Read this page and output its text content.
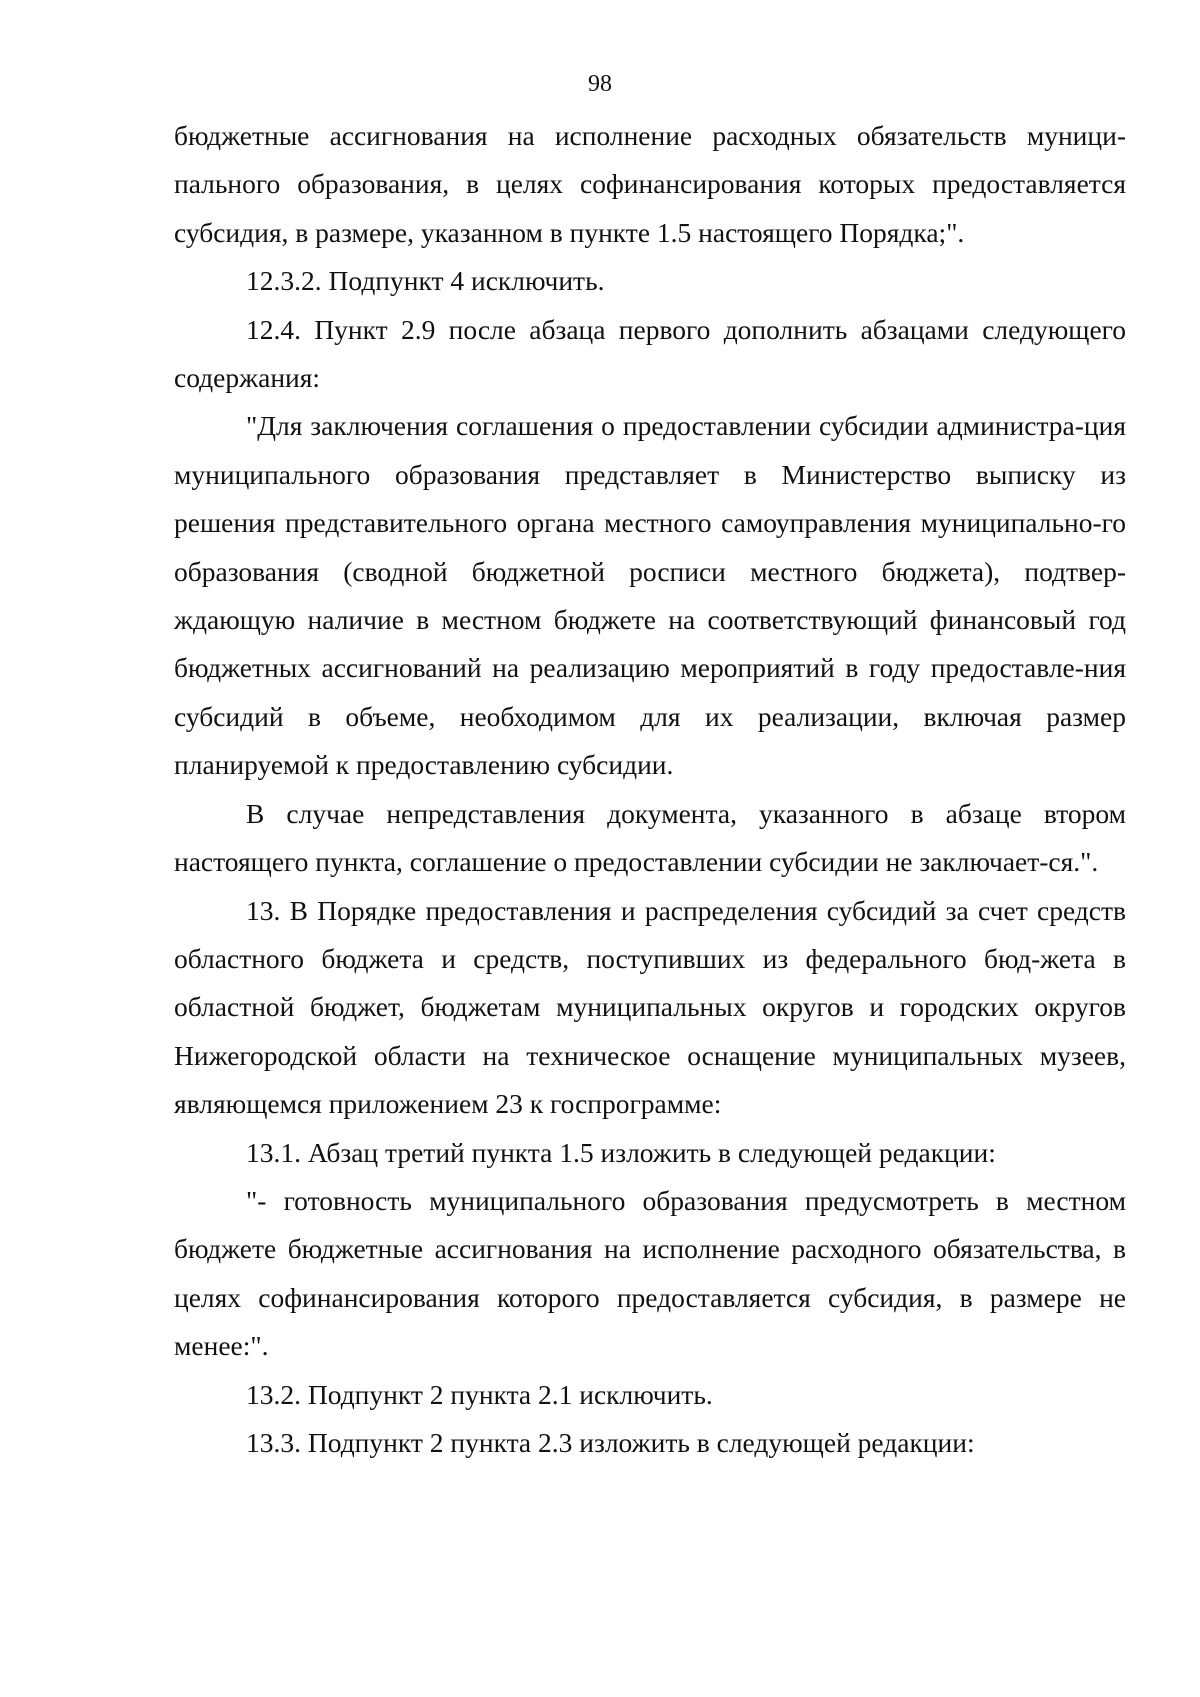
98

бюджетные ассигнования на исполнение расходных обязательств муници-пального образования, в целях софинансирования которых предоставляется субсидия, в размере, указанном в пункте 1.5 настоящего Порядка;".

12.3.2. Подпункт 4 исключить.

12.4. Пункт 2.9 после абзаца первого дополнить абзацами следующего содержания:

"Для заключения соглашения о предоставлении субсидии администра-ция муниципального образования представляет в Министерство выписку из решения представительного органа местного самоуправления муниципально-го образования (сводной бюджетной росписи местного бюджета), подтвер-ждающую наличие в местном бюджете на соответствующий финансовый год бюджетных ассигнований на реализацию мероприятий в году предоставле-ния субсидий в объеме, необходимом для их реализации, включая размер планируемой к предоставлению субсидии.

В случае непредставления документа, указанного в абзаце втором настоящего пункта, соглашение о предоставлении субсидии не заключает-ся.".

13. В Порядке предоставления и распределения субсидий за счет средств областного бюджета и средств, поступивших из федерального бюд-жета в областной бюджет, бюджетам муниципальных округов и городских округов Нижегородской области на техническое оснащение муниципальных музеев, являющемся приложением 23 к госпрограмме:

13.1. Абзац третий пункта 1.5 изложить в следующей редакции:

"- готовность муниципального образования предусмотреть в местном бюджете бюджетные ассигнования на исполнение расходного обязательства, в целях софинансирования которого предоставляется субсидия, в размере не менее:".

13.2. Подпункт 2 пункта 2.1 исключить.

13.3. Подпункт 2 пункта 2.3 изложить в следующей редакции:
